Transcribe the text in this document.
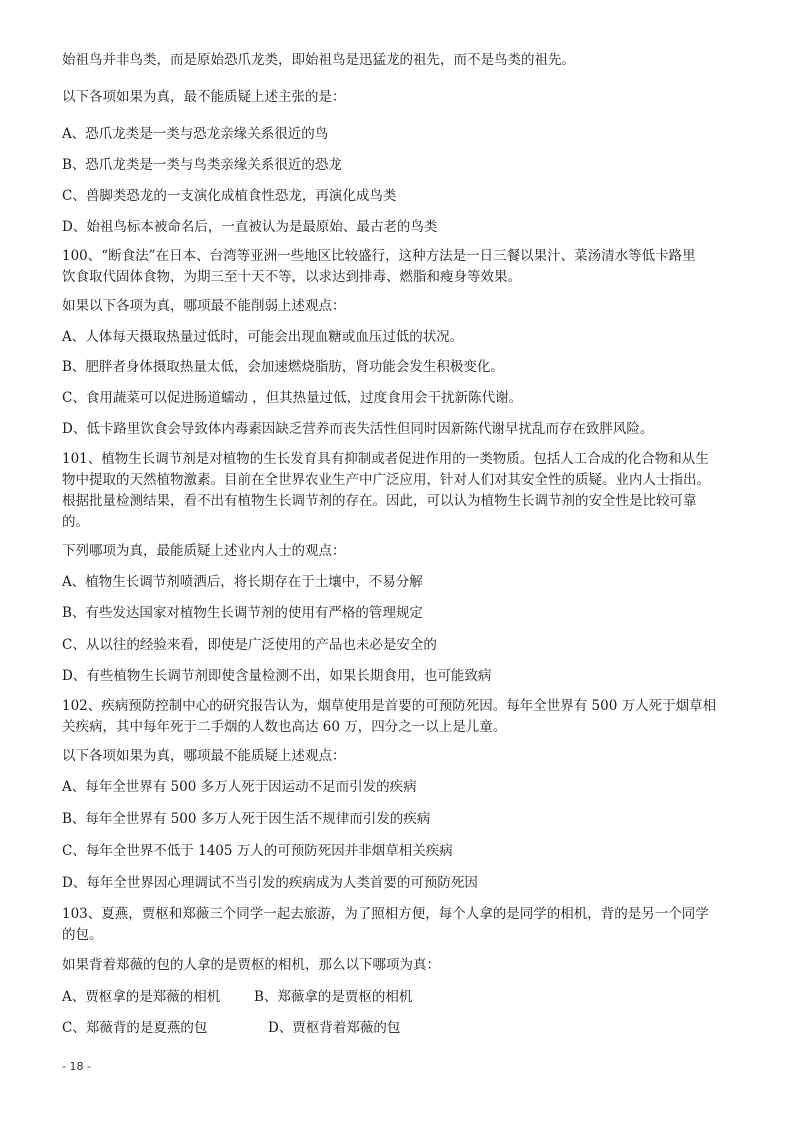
始祖鸟并非鸟类，而是原始恐爪龙类，即始祖鸟是迅猛龙的祖先，而不是鸟类的祖先。
以下各项如果为真，最不能质疑上述主张的是：
A、恐爪龙类是一类与恐龙亲缘关系很近的鸟
B、恐爪龙类是一类与鸟类亲缘关系很近的恐龙
C、兽脚类恐龙的一支演化成植食性恐龙，再演化成鸟类
D、始祖鸟标本被命名后，一直被认为是最原始、最古老的鸟类
100、“断食法”在日本、台湾等亚洲一些地区比较盛行，这种方法是一日三餐以果汁、菜汤清水等低卡路里
饮食取代固体食物，为期三至十天不等，以求达到排毒、燃脂和瘦身等效果。
如果以下各项为真，哪项最不能削弱上述观点：
A、人体每天摄取热量过低时，可能会出现血糖或血压过低的状况。
B、肥胖者身体摄取热量太低，会加速燃烧脂肪，肾功能会发生积极变化。
C、食用蔬菜可以促进肠道蠕动 ，但其热量过低，过度食用会干扰新陈代谢。
D、低卡路里饮食会导致体内毒素因缺乏营养而丧失活性但同时因新陈代谢早扰乱而存在致胖风险。
101、植物生长调节剂是对植物的生长发育具有抑制或者促进作用的一类物质。包括人工合成的化合物和从生
物中提取的天然植物激素。目前在全世界农业生产中广泛应用，针对人们对其安全性的质疑。业内人士指出。
根据批量检测结果，看不出有植物生长调节剂的存在。因此，可以认为植物生长调节剂的安全性是比较可靠
的。
下列哪项为真，最能质疑上述业内人士的观点：
A、植物生长调节剂喷洒后，将长期存在于土壤中，不易分解
B、有些发达国家对植物生长调节剂的使用有严格的管理规定
C、从以往的经验来看，即使是广泛使用的产品也未必是安全的
D、有些植物生长调节剂即使含量检测不出，如果长期食用，也可能致病
102、疾病预防控制中心的研究报告认为，烟草使用是首要的可预防死因。每年全世界有 500 万人死于烟草相
关疾病，其中每年死于二手烟的人数也高达 60 万，四分之一以上是儿童。
以下各项如果为真，哪项最不能质疑上述观点：
A、每年全世界有 500 多万人死于因运动不足而引发的疾病
B、每年全世界有 500 多万人死于因生活不规律而引发的疾病
C、每年全世界不低于 1405 万人的可预防死因并非烟草相关疾病
D、每年全世界因心理调试不当引发的疾病成为人类首要的可预防死因
103、夏燕，贾枢和郑薇三个同学一起去旅游，为了照相方便，每个人拿的是同学的相机，背的是另一个同学
的包。
如果背着郑薇的包的人拿的是贾枢的相机，那么以下哪项为真：
A、贾枢拿的是郑薇的相机	B、郑薇拿的是贾枢的相机
C、郑薇背的是夏燕的包	D、贾枢背着郑薇的包
- 18 -
